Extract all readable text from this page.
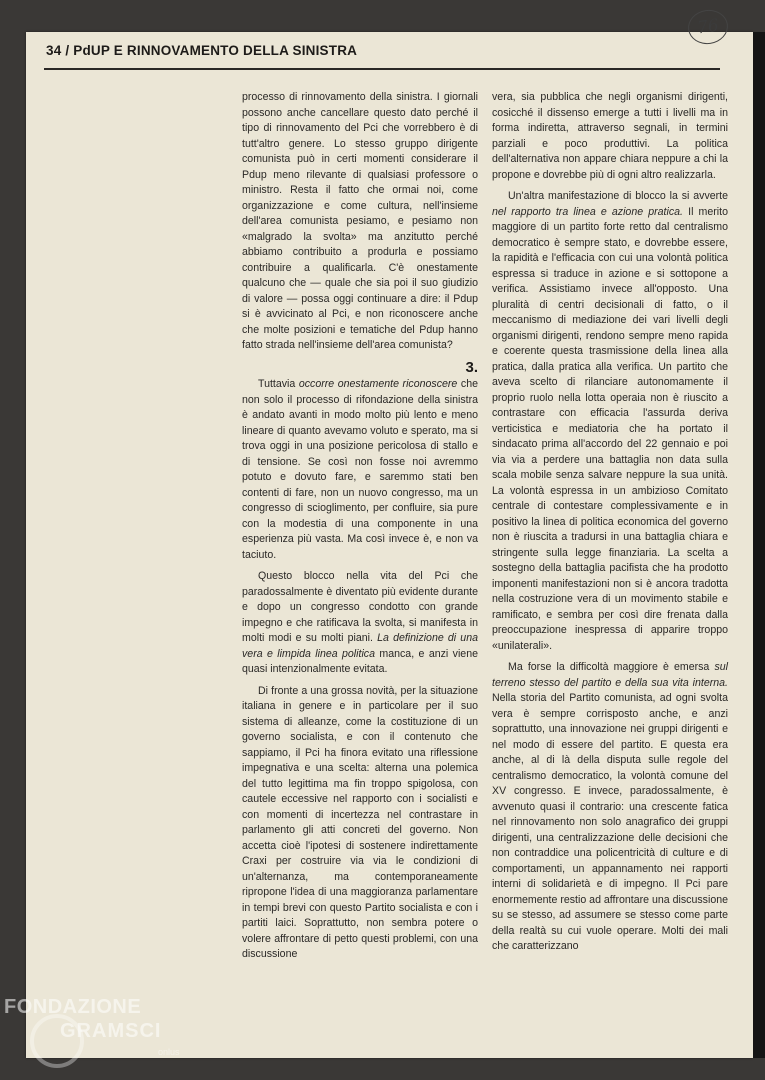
76
34 / PdUP E RINNOVAMENTO DELLA SINISTRA

processo di rinnovamento della sinistra. I giornali possono anche cancellare questo dato perché il tipo di rinnovamento del Pci che vorrebbero è di tutt'altro genere. Lo stesso gruppo dirigente comunista può in certi momenti considerare il Pdup meno rilevante di qualsiasi professore o ministro. Resta il fatto che ormai noi, come organizzazione e come cultura, nell'insieme dell'area comunista pesiamo, e pesiamo non «malgrado la svolta» ma anzitutto perché abbiamo contribuito a produrla e possiamo contribuire a qualificarla. C'è onestamente qualcuno che — quale che sia poi il suo giudizio di valore — possa oggi continuare a dire: il Pdup si è avvicinato al Pci, e non riconoscere anche che molte posizioni e tematiche del Pdup hanno fatto strada nell'insieme dell'area comunista?

3.

Tuttavia occorre onestamente riconoscere che non solo il processo di rifondazione della sinistra è andato avanti in modo molto più lento e meno lineare di quanto avevamo voluto e sperato, ma si trova oggi in una posizione pericolosa di stallo e di tensione. Se così non fosse noi avremmo potuto e dovuto fare, e saremmo stati ben contenti di fare, non un nuovo congresso, ma un congresso di scioglimento, per confluire, sia pure con la modestia di una componente in una esperienza più vasta. Ma così invece è, e non va taciuto.

Questo blocco nella vita del Pci che paradossalmente è diventato più evidente durante e dopo un congresso condotto con grande impegno e che ratificava la svolta, si manifesta in molti modi e su molti piani. La definizione di una vera e limpida linea politica manca, e anzi viene quasi intenzionalmente evitata.

Di fronte a una grossa novità, per la situazione italiana in genere e in particolare per il suo sistema di alleanze, come la costituzione di un governo socialista, e con il contenuto che sappiamo, il Pci ha finora evitato una riflessione impegnativa e una scelta: alterna una polemica del tutto legittima ma fin troppo spigolosa, con cautele eccessive nel rapporto con i socialisti e con momenti di incertezza nel contrastare in parlamento gli atti concreti del governo. Non accetta cioè l'ipotesi di sostenere indirettamente Craxi per costruire via via le condizioni di un'alternanza, ma contemporaneamente ripropone l'idea di una maggioranza parlamentare in tempi brevi con questo Partito socialista e con i partiti laici. Soprattutto, non sembra potere o volere affrontare di petto questi problemi, con una discussione

vera, sia pubblica che negli organismi dirigenti, cosicché il dissenso emerge a tutti i livelli ma in forma indiretta, attraverso segnali, in termini parziali e poco produttivi. La politica dell'alternativa non appare chiara neppure a chi la propone e dovrebbe più di ogni altro realizzarla.

Un'altra manifestazione di blocco la si avverte nel rapporto tra linea e azione pratica. Il merito maggiore di un partito forte retto dal centralismo democratico è sempre stato, e dovrebbe essere, la rapidità e l'efficacia con cui una volontà politica espressa si traduce in azione e si sottopone a verifica. Assistiamo invece all'opposto. Una pluralità di centri decisionali di fatto, o il meccanismo di mediazione dei vari livelli degli organismi dirigenti, rendono sempre meno rapida e coerente questa trasmissione della linea alla pratica, dalla pratica alla verifica. Un partito che aveva scelto di rilanciare autonomamente il proprio ruolo nella lotta operaia non è riuscito a contrastare con efficacia l'assurda deriva verticistica e mediatoria che ha portato il sindacato prima all'accordo del 22 gennaio e poi via via a perdere una battaglia non data sulla scala mobile senza salvare neppure la sua unità. La volontà espressa in un ambizioso Comitato centrale di contestare complessivamente e in positivo la linea di politica economica del governo non è riuscita a tradursi in una battaglia chiara e stringente sulla legge finanziaria. La scelta a sostegno della battaglia pacifista che ha prodotto imponenti manifestazioni non si è ancora tradotta nella costruzione vera di un movimento stabile e ramificato, e sembra per così dire frenata dalla preoccupazione inespressa di apparire troppo «unilaterali».

Ma forse la difficoltà maggiore è emersa sul terreno stesso del partito e della sua vita interna. Nella storia del Partito comunista, ad ogni svolta vera è sempre corrisposto anche, e anzi soprattutto, una innovazione nei gruppi dirigenti e nel modo di essere del partito. E questa era anche, al di là della disputa sulle regole del centralismo democratico, la volontà comune del XV congresso. E invece, paradossalmente, è avvenuto quasi il contrario: una crescente fatica nel rinnovamento non solo anagrafico dei gruppi dirigenti, una centralizzazione delle decisioni che non contraddice una policentricità di culture e di comportamenti, un appannamento nei rapporti interni di solidarietà e di impegno. Il Pci pare enormemente restio ad affrontare una discussione su se stesso, ad assumere se stesso come parte della realtà su cui vuole operare. Molti dei mali che caratterizzano

FONDAZIONE
GRAMSCI
onlus
